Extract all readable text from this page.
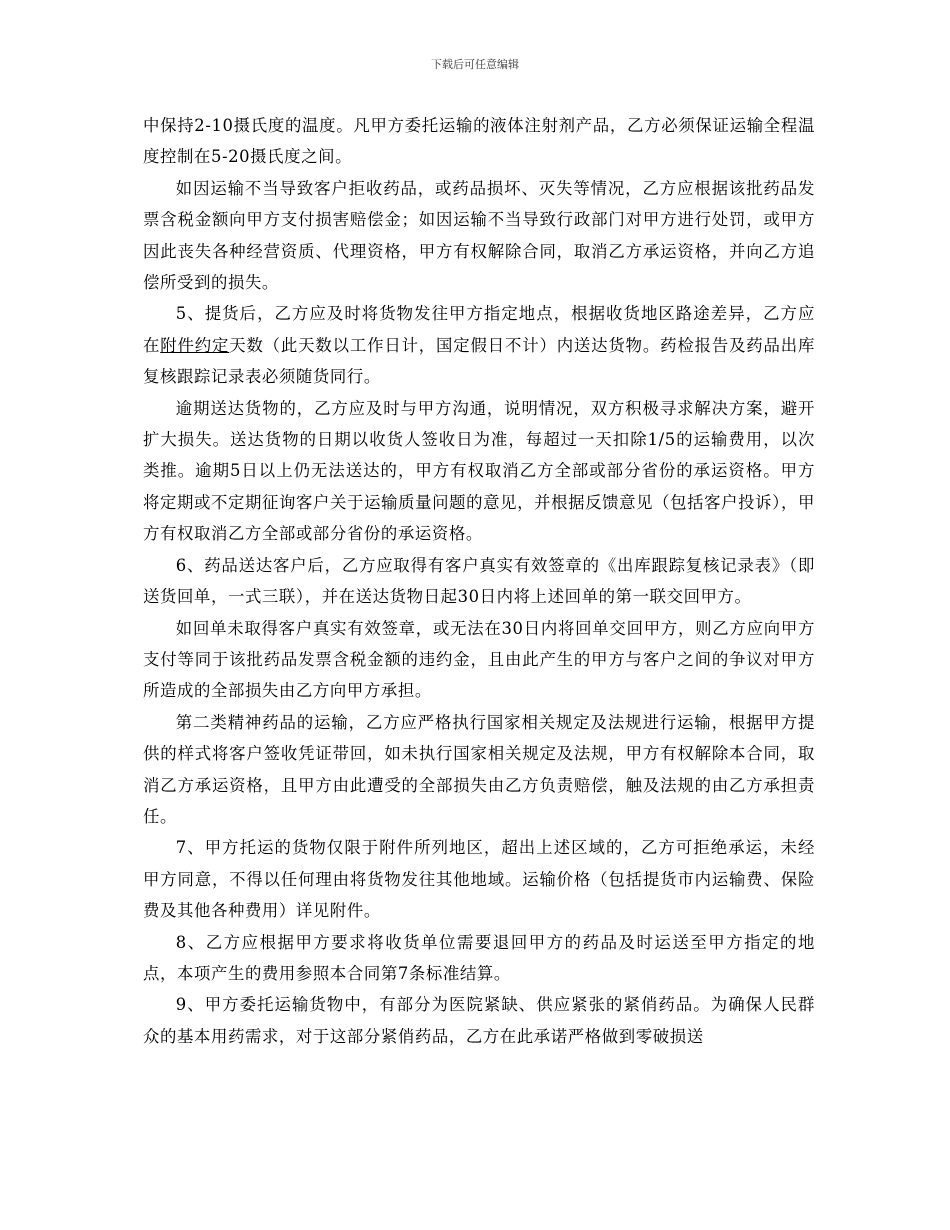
下载后可任意编辑

中保持2-10摄氏度的温度。凡甲方委托运输的液体注射剂产品，乙方必须保证运输全程温度控制在5-20摄氏度之间。

如因运输不当导致客户拒收药品，或药品损坏、灭失等情况，乙方应根据该批药品发票含税金额向甲方支付损害赔偿金；如因运输不当导致行政部门对甲方进行处罚，或甲方因此丧失各种经营资质、代理资格，甲方有权解除合同，取消乙方承运资格，并向乙方追偿所受到的损失。

5、提货后，乙方应及时将货物发往甲方指定地点，根据收货地区路途差异，乙方应在附件约定天数（此天数以工作日计，国定假日不计）内送达货物。药检报告及药品出库复核跟踪记录表必须随货同行。

逾期送达货物的，乙方应及时与甲方沟通，说明情况，双方积极寻求解决方案，避开扩大损失。送达货物的日期以收货人签收日为准，每超过一天扣除1/5的运输费用，以次类推。逾期5日以上仍无法送达的，甲方有权取消乙方全部或部分省份的承运资格。甲方将定期或不定期征询客户关于运输质量问题的意见，并根据反馈意见（包括客户投诉），甲方有权取消乙方全部或部分省份的承运资格。

6、药品送达客户后，乙方应取得有客户真实有效签章的《出库跟踪复核记录表》（即送货回单，一式三联），并在送达货物日起30日内将上述回单的第一联交回甲方。

如回单未取得客户真实有效签章，或无法在30日内将回单交回甲方，则乙方应向甲方支付等同于该批药品发票含税金额的违约金，且由此产生的甲方与客户之间的争议对甲方所造成的全部损失由乙方向甲方承担。

第二类精神药品的运输，乙方应严格执行国家相关规定及法规进行运输，根据甲方提供的样式将客户签收凭证带回，如未执行国家相关规定及法规，甲方有权解除本合同，取消乙方承运资格，且甲方由此遭受的全部损失由乙方负责赔偿，触及法规的由乙方承担责任。

7、甲方托运的货物仅限于附件所列地区，超出上述区域的，乙方可拒绝承运，未经甲方同意，不得以任何理由将货物发往其他地域。运输价格（包括提货市内运输费、保险费及其他各种费用）详见附件。

8、乙方应根据甲方要求将收货单位需要退回甲方的药品及时运送至甲方指定的地点，本项产生的费用参照本合同第7条标准结算。

9、甲方委托运输货物中，有部分为医院紧缺、供应紧张的紧俏药品。为确保人民群众的基本用药需求，对于这部分紧俏药品，乙方在此承诺严格做到零破损送
